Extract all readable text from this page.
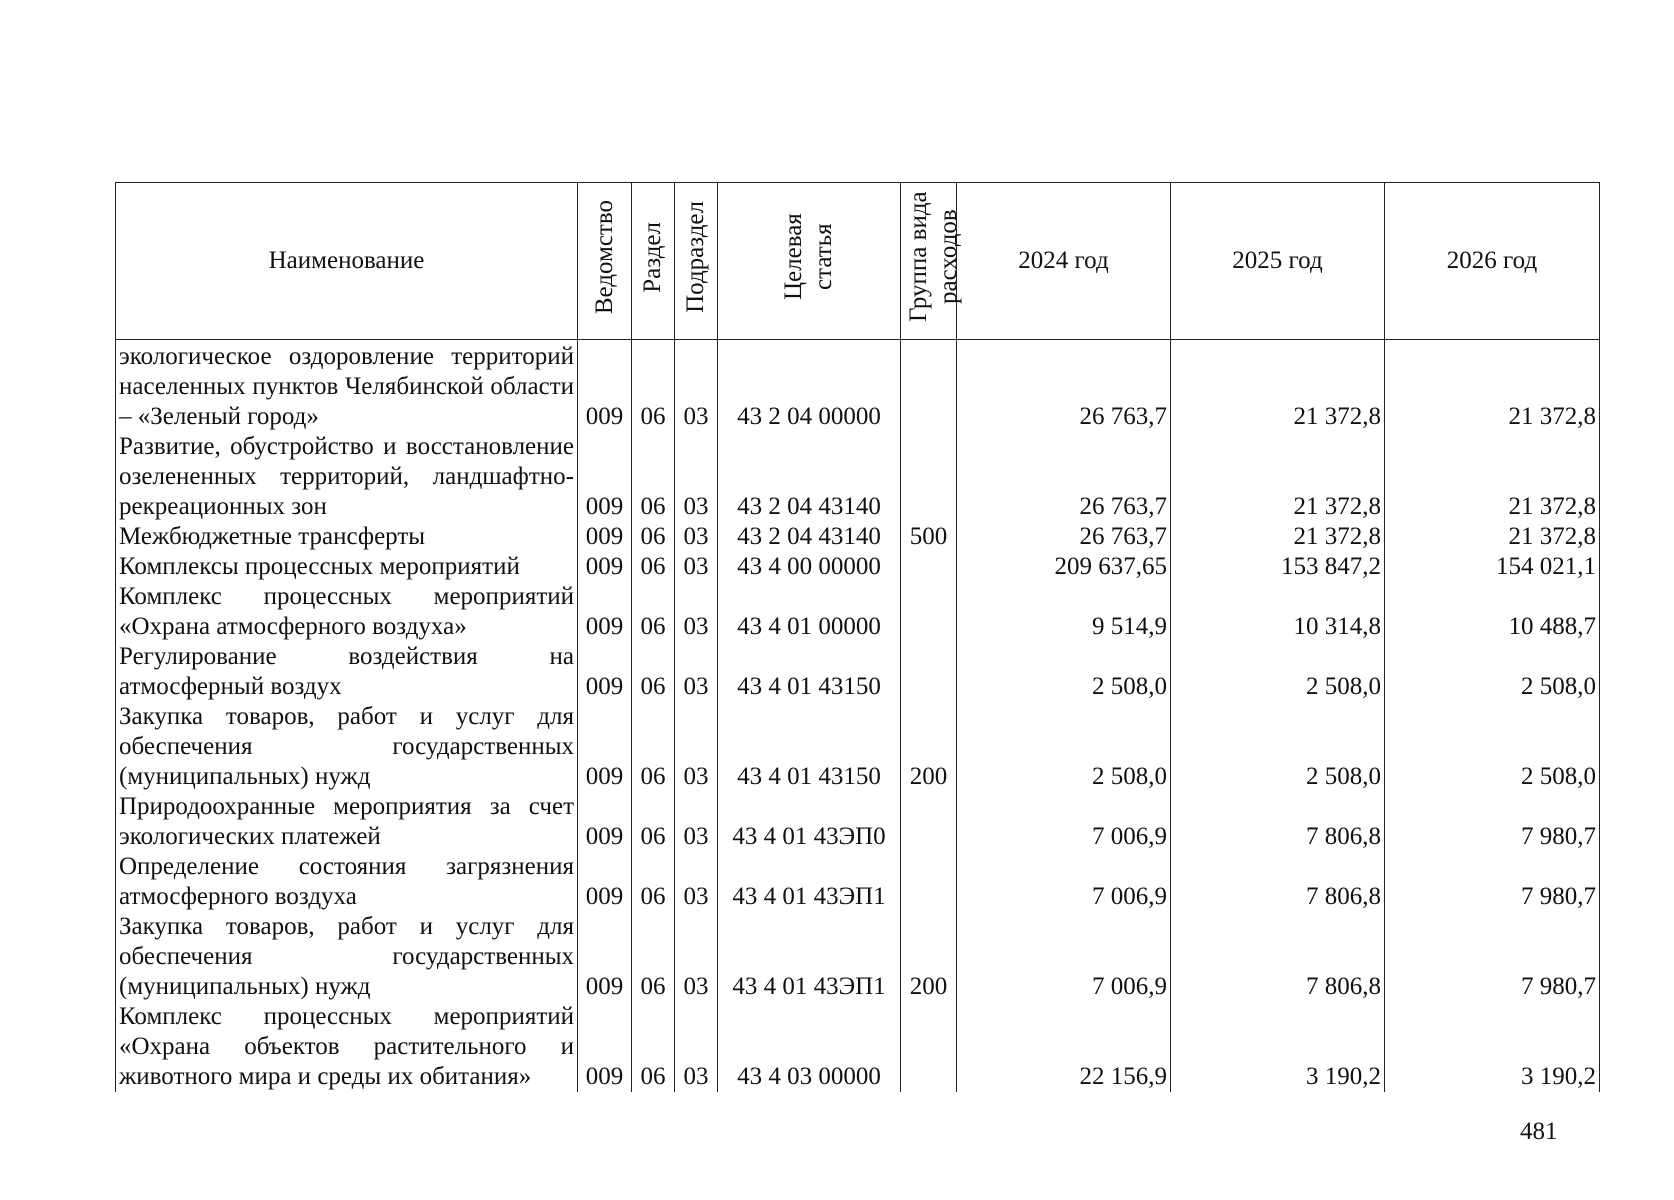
Наименование	Ведомство	Раздел	Подраздел	Целевая статья	Группа вида расходов	2024 год	2025 год	2026 год
экологическое оздоровление территорий населенных пунктов Челябинской области – «Зеленый город»	009	06	03	43 2 04 00000		26 763,7	21 372,8	21 372,8
Развитие, обустройство и восстановление озелененных территорий, ландшафтно-рекреационных зон	009	06	03	43 2 04 43140		26 763,7	21 372,8	21 372,8
Межбюджетные трансферты	009	06	03	43 2 04 43140	500	26 763,7	21 372,8	21 372,8
Комплексы процессных мероприятий	009	06	03	43 4 00 00000		209 637,65	153 847,2	154 021,1
Комплекс процессных мероприятий «Охрана атмосферного воздуха»	009	06	03	43 4 01 00000		9 514,9	10 314,8	10 488,7
Регулирование воздействия на атмосферный воздух	009	06	03	43 4 01 43150		2 508,0	2 508,0	2 508,0
Закупка товаров, работ и услуг для обеспечения государственных (муниципальных) нужд	009	06	03	43 4 01 43150	200	2 508,0	2 508,0	2 508,0
Природоохранные мероприятия за счет экологических платежей	009	06	03	43 4 01 43ЭП0		7 006,9	7 806,8	7 980,7
Определение состояния загрязнения атмосферного воздуха	009	06	03	43 4 01 43ЭП1		7 006,9	7 806,8	7 980,7
Закупка товаров, работ и услуг для обеспечения государственных (муниципальных) нужд	009	06	03	43 4 01 43ЭП1	200	7 006,9	7 806,8	7 980,7
Комплекс процессных мероприятий «Охрана объектов растительного и животного мира и среды их обитания»	009	06	03	43 4 03 00000		22 156,9	3 190,2	3 190,2
481
